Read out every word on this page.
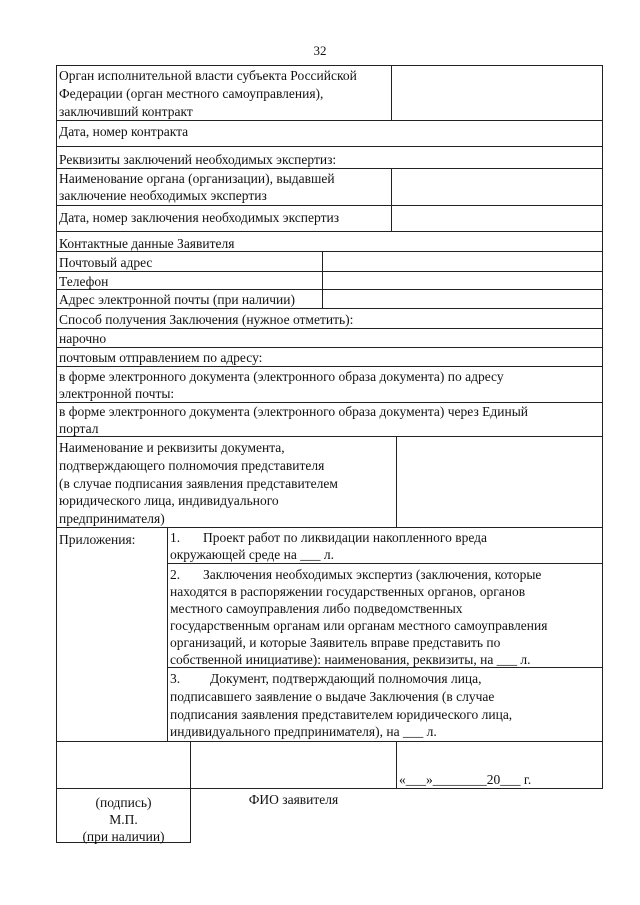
32
Орган исполнительной власти субъекта Российской
Федерации (орган местного самоуправления),
заключивший контракт
Дата, номер контракта
Реквизиты заключений необходимых экспертиз:
Наименование органа (организации), выдавшей
заключение необходимых экспертиз
Дата, номер заключения необходимых экспертиз
Контактные данные Заявителя
Почтовый адрес
Телефон
Адрес электронной почты (при наличии)
Способ получения Заключения (нужное отметить):
нарочно
почтовым отправлением по адресу:
в форме электронного документа (электронного образа документа) по адресу
электронной почты:
в форме электронного документа (электронного образа документа) через Единый
портал
Наименование и реквизиты документа,
подтверждающего полномочия представителя
(в случае подписания заявления представителем
юридического лица, индивидуального
предпринимателя)
Приложения:	1. Проект работ по ликвидации накопленного вреда
окружающей среде на ___ л.
2. Заключения необходимых экспертиз (заключения, которые
находятся в распоряжении государственных органов, органов
местного самоуправления либо подведомственных
государственным органам или органам местного самоуправления
организаций, и которые Заявитель вправе представить по
собственной инициативе): наименования, реквизиты, на ___ л.
3. Документ, подтверждающий полномочия лица,
подписавшего заявление о выдаче Заключения (в случае
подписания заявления представителем юридического лица,
индивидуального предпринимателя), на ___ л.
«___»________20___ г.
(подпись)
М.П.
(при наличии)
ФИО заявителя
